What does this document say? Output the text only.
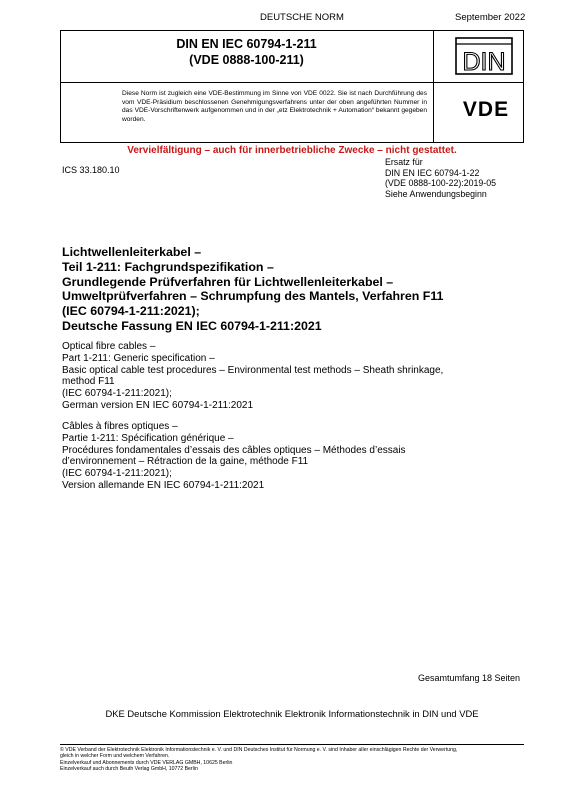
DEUTSCHE NORM	September 2022
DIN EN IEC 60794-1-211
(VDE 0888-100-211)
Diese Norm ist zugleich eine VDE-Bestimmung im Sinne von VDE 0022. Sie ist nach Durchführung des vom VDE-Präsidium beschlossenen Genehmigungsverfahrens unter der oben angeführten Nummer in das VDE-Vorschriftenwerk aufgenommen und in der „etz Elektrotechnik + Automation“ bekannt gegeben worden.
DIN
VDE
Vervielfältigung – auch für innerbetriebliche Zwecke – nicht gestattet.
ICS 33.180.10
Ersatz für
DIN EN IEC 60794-1-22
(VDE 0888-100-22):2019-05
Siehe Anwendungsbeginn
Lichtwellenleiterkabel –
Teil 1-211: Fachgrundspezifikation –
Grundlegende Prüfverfahren für Lichtwellenleiterkabel –
Umweltprüfverfahren – Schrumpfung des Mantels, Verfahren F11
(IEC 60794-1-211:2021);
Deutsche Fassung EN IEC 60794-1-211:2021
Optical fibre cables –
Part 1-211: Generic specification –
Basic optical cable test procedures – Environmental test methods – Sheath shrinkage,
method F11
(IEC 60794-1-211:2021);
German version EN IEC 60794-1-211:2021
Câbles à fibres optiques –
Partie 1-211: Spécification générique –
Procédures fondamentales d’essais des câbles optiques – Méthodes d’essais
d’environnement – Rétraction de la gaine, méthode F11
(IEC 60794-1-211:2021);
Version allemande EN IEC 60794-1-211:2021
Gesamtumfang 18 Seiten
DKE Deutsche Kommission Elektrotechnik Elektronik Informationstechnik in DIN und VDE
© VDE Verband der Elektrotechnik Elektronik Informationstechnik e. V. und DIN Deutsches Institut für Normung e. V. sind Inhaber aller einschlägigen Rechte der Verwertung,
gleich in welcher Form und welchem Verfahren.
Einzelverkauf und Abonnements durch VDE VERLAG GMBH, 10625 Berlin
Einzelverkauf auch durch Beuth Verlag GmbH, 10772 Berlin
